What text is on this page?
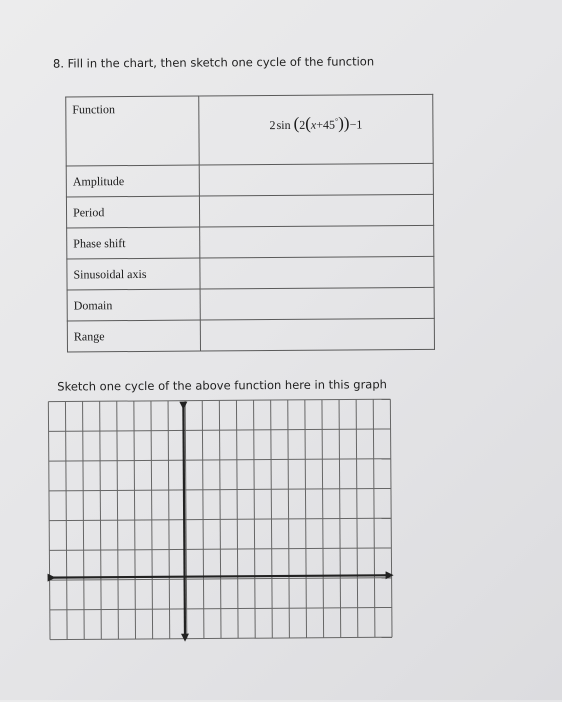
8. Fill in the chart, then sketch one cycle of the function
Function	2 sin (2(x+45°))−1
Amplitude	
Period	
Phase shift	
Sinusoidal axis	
Domain	
Range	
Sketch one cycle of the above function here in this graph
